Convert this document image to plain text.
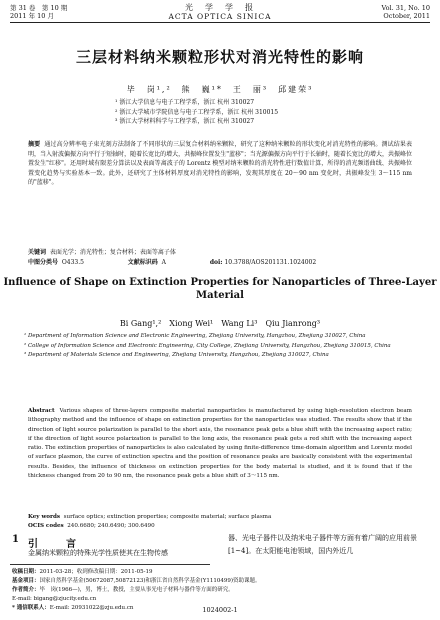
第 31 卷　第 10 期
2011 年 10 月
光　学　学　报
ACTA OPTICA SINICA
Vol. 31, No. 10
October, 2011
三层材料纳米颗粒形状对消光特性的影响
毕　岗¹,²　熊　巍¹*　王　丽³　邱建荣³
¹ 浙江大学信息与电子工程学系，浙江 杭州 310027
² 浙江大学城市学院信息与电子工程学系，浙江 杭州 310015
³ 浙江大学材料科学与工程学系，浙江 杭州 310027
摘要 通过高分辨率电子束光刻方法制备了不同形状的三层复合材料纳米颗粒，研究了这种纳米颗粒的形状变化对消光特性的影响。测试结果表明，当入射波偏振方向平行于短轴时，随着长宽比的增大，共振峰位置发生"蓝移"；当光源偏振方向平行于长轴时，随着长宽比的增大，共振峰位置发生"红移"。还用时域有限差分算法以及表面等离波子的 Lorentz 模型对纳米颗粒的消光特性进行数值计算，所得的消光频谱曲线、共振峰位置变化趋势与实验基本一致。此外，还研究了主体材料厚度对消光特性的影响，发现其厚度在 20～90 nm 变化时，共振峰发生 3～115 nm 的"蓝移"。
关键词 表面光学；消光特性；复合材料；表面等离子体
中图分类号 O433.5	文献标识码 A	doi: 10.3788/AOS201131.1024002
Influence of Shape on Extinction Properties for Nanoparticles of Three-Layer Material
Bi Gang¹,²　Xiong Wei¹　Wang Li³　Qiu Jianrong³
¹ Department of Information Science and Electronic Engineering, Zhejiang University, Hangzhou, Zhejiang 310027, China
² College of Information Science and Electronic Engineering, City College, Zhejiang University, Hangzhou, Zhejiang 310015, China
³ Department of Materials Science and Engineering, Zhejiang University, Hangzhou, Zhejiang 310027, China
Abstract Various shapes of three-layers composite material nanoparticles is manufactured by using high-resolution electron beam lithography method and the influence of shape on extinction properties for the nanoparticles was studied. The results show that if the direction of light source polarization is parallel to the short axis, the resonance peak gets a blue shift with the increasing aspect ratio; if the direction of light source polarization is parallel to the long axis, the resonance peak gets a red shift with the increasing aspect ratio. The extinction properties of nanoparticles is also calculated by using finite-difference time-domain algorithm and Lorentz model of surface plasmon, the curve of extinction spectra and the position of resonance peaks are basically consistent with the experimental results. Besides, the influence of thickness on extinction properties for the body material is studied, and it is found that if the thickness changed from 20 to 90 nm, the resonance peak gets a blue shift of 3～115 nm.
Key words surface optics; extinction properties; composite material; surface plasma
OCIS codes 240.6680; 240.6490; 300.6490
1 引言
金属纳米颗粒的特殊光学性质使其在生物传感
器、光电子器件以及纳米电子器件等方面有着广阔的应用前景[1~4]。在太阳能电池领域，国内外近几
收稿日期：2011-03-28；收到修改稿日期：2011-05-19
基金项目：国家自然科学基金(50672087,50872123)和浙江省自然科学基金(Y1110499)资助课题。
作者简介：毕　岗(1966—)，男，博士，教授，主要从事光电子材料与器件等方面的研究。
E-mail: bigang@zjucity.edu.cn
* 通信联系人：E-mail: 20931022@zju.edu.cn	1024002-1
